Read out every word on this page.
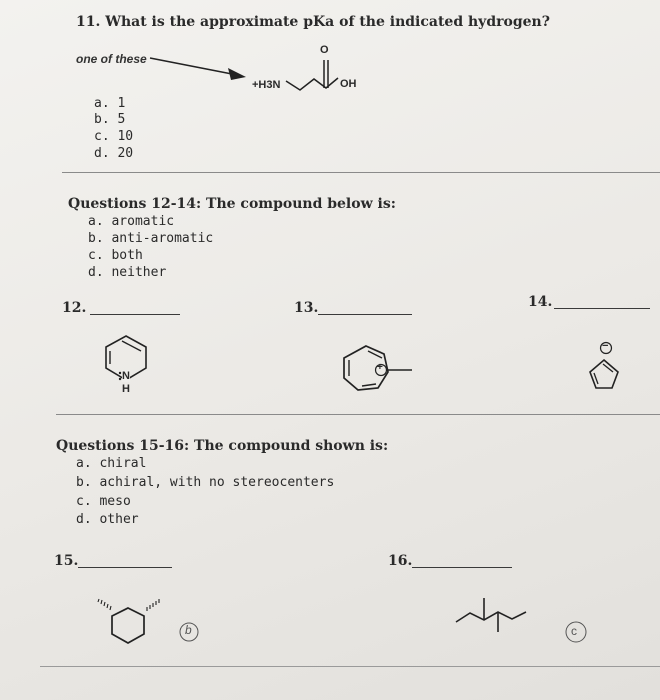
11. What is the approximate pKa of the indicated hydrogen?
one of these
+H3N
O
OH
a. 1
b. 5
c. 10
d. 20
Questions 12-14: The compound below is:
a. aromatic
b. anti-aromatic
c. both
d. neither
12.	13.	14.
N
H
+
−
Questions 15-16: The compound shown is:
a. chiral
b. achiral, with no stereocenters
c. meso
d. other
15.	16.
b	c
